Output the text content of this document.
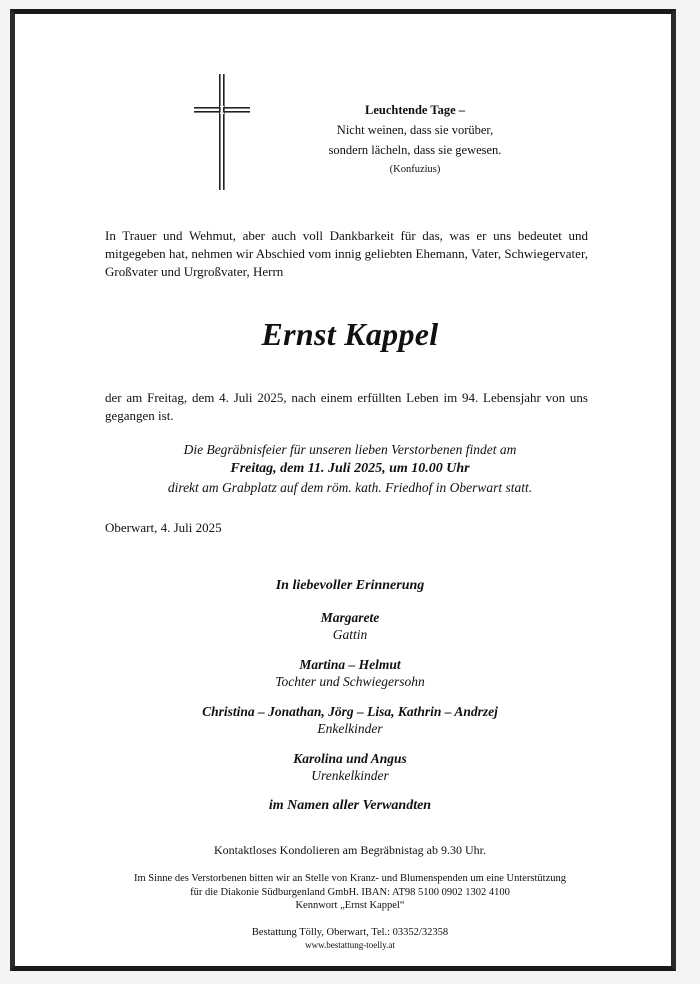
Leuchtende Tage –
Nicht weinen, dass sie vorüber,
sondern lächeln, dass sie gewesen.
(Konfuzius)
In Trauer und Wehmut, aber auch voll Dankbarkeit für das, was er uns bedeutet und mitgegeben hat, nehmen wir Abschied vom innig geliebten Ehemann, Vater, Schwiegervater, Großvater und Urgroßvater, Herrn
Ernst Kappel
der am Freitag, dem 4. Juli 2025, nach einem erfüllten Leben im 94. Lebensjahr von uns gegangen ist.
Die Begräbnisfeier für unseren lieben Verstorbenen findet am
Freitag, dem 11. Juli 2025, um 10.00 Uhr
direkt am Grabplatz auf dem röm. kath. Friedhof in Oberwart statt.
Oberwart, 4. Juli 2025
In liebevoller Erinnerung
Margarete
Gattin
Martina – Helmut
Tochter und Schwiegersohn
Christina – Jonathan, Jörg – Lisa, Kathrin – Andrzej
Enkelkinder
Karolina und Angus
Urenkelkinder
im Namen aller Verwandten
Kontaktloses Kondolieren am Begräbnistag ab 9.30 Uhr.
Im Sinne des Verstorbenen bitten wir an Stelle von Kranz- und Blumenspenden um eine Unterstützung
für die Diakonie Südburgenland GmbH. IBAN: AT98 5100 0902 1302 4100
Kennwort „Ernst Kappel“
Bestattung Tölly, Oberwart, Tel.: 03352/32358
www.bestattung-toelly.at
